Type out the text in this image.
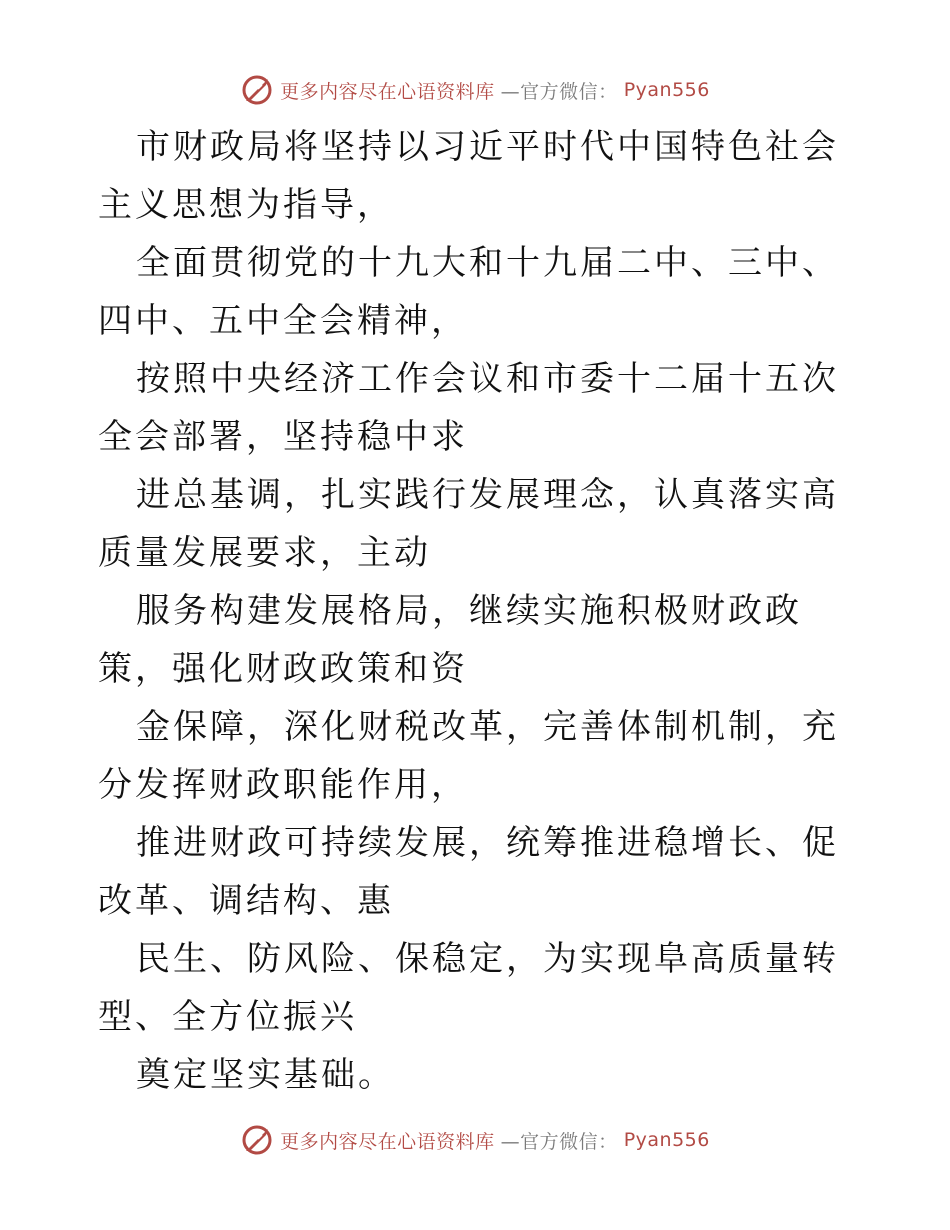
更多内容尽在心语资料库 —官方微信： Pyan556

市财政局将坚持以习近平时代中国特色社会主义思想为指导，

全面贯彻党的十九大和十九届二中、三中、四中、五中全会精神，

按照中央经济工作会议和市委十二届十五次全会部署，坚持稳中求

进总基调，扎实践行发展理念，认真落实高质量发展要求，主动

服务构建发展格局，继续实施积极财政政策，强化财政政策和资

金保障，深化财税改革，完善体制机制，充分发挥财政职能作用，

推进财政可持续发展，统筹推进稳增长、促改革、调结构、惠

民生、防风险、保稳定，为实现阜高质量转型、全方位振兴

奠定坚实基础。

更多内容尽在心语资料库 —官方微信： Pyan556
